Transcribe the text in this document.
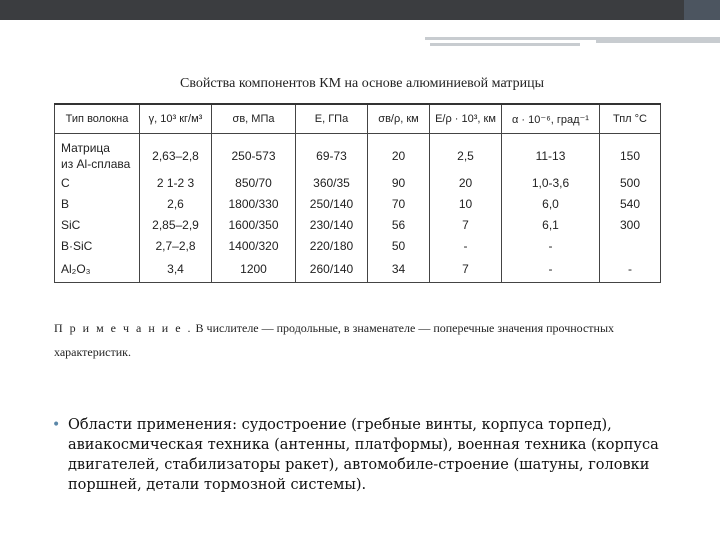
Свойства компонентов КМ на основе алюминиевой матрицы
Тип волокна	γ, 10³ кг/м³	σв, МПа	E, ГПа	σв/ρ, км	E/ρ · 10³, км	α · 10⁻⁶, град⁻¹	Тпл °С

Матрица
из Al-сплава	2,63–2,8	250-573	69-73	20	2,5	11-13	150
C	2 1-2 3	850/70	360/35	90	20	1,0-3,6	500
B	2,6	1800/330	250/140	70	10	6,0	540
SiC	2,85–2,9	1600/350	230/140	56	7	6,1	300
B·SiC	2,7–2,8	1400/320	220/180	50	-	-	
Al₂O₃	3,4	1200	260/140	34	7	-	-
П р и м е ч а н и е . В числителе — продольные, в знаменателе — поперечные значения прочностных характеристик.
• Области применения: судостроение (гребные винты, корпуса торпед), авиакосмическая техника (антенны, платформы), военная техника (корпуса двигателей, стабилизаторы ракет), автомобиле-строение (шатуны, головки поршней, детали тормозной системы).
